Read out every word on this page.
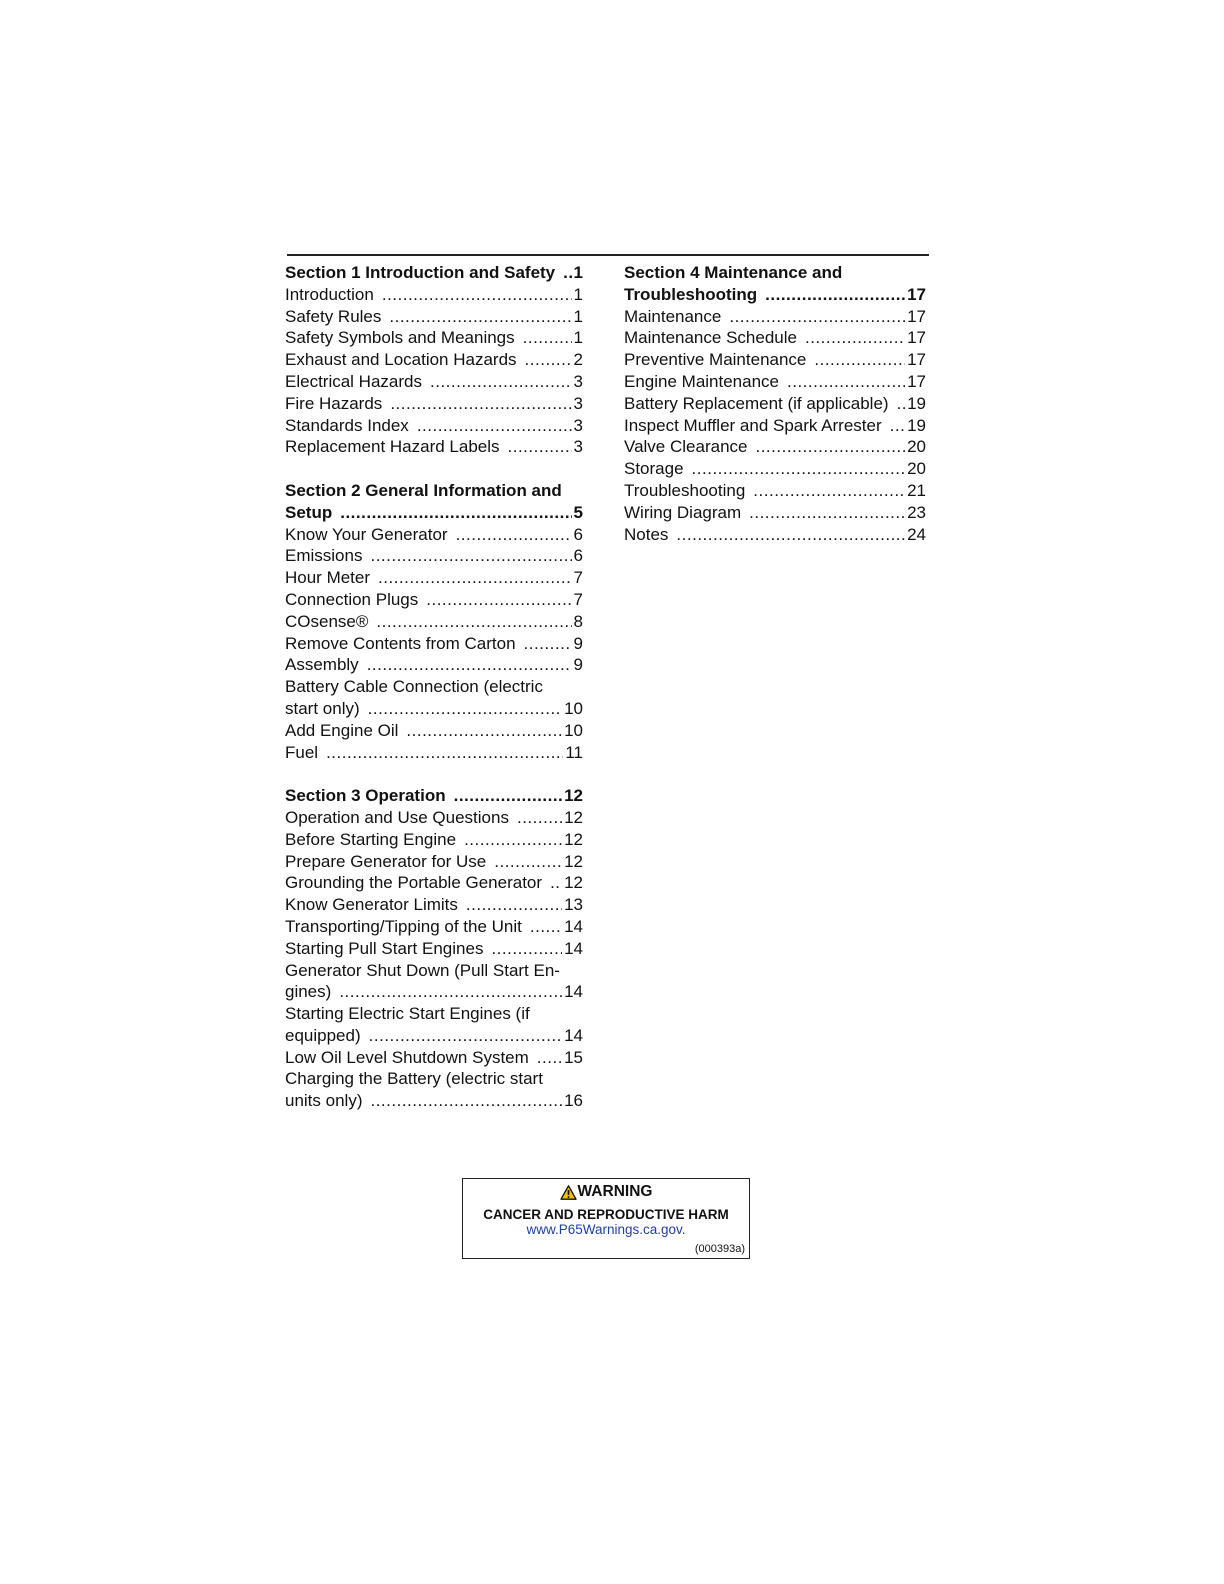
Section 1 Introduction and Safety ..... 1
Introduction .....	1
Safety Rules .....	1
Safety Symbols and Meanings .....	1
Exhaust and Location Hazards .....	2
Electrical Hazards .....	3
Fire Hazards .....	3
Standards Index .....	3
Replacement Hazard Labels .....	3
Section 2 General Information and
Setup .....	5
Know Your Generator .....	6
Emissions .....	6
Hour Meter .....	7
Connection Plugs .....	7
COsense® .....	8
Remove Contents from Carton .....	9
Assembly .....	9
Battery Cable Connection (electric
start only) .....	10
Add Engine Oil .....	10
Fuel .....	11
Section 3 Operation .....	12
Operation and Use Questions .....	12
Before Starting Engine .....	12
Prepare Generator for Use .....	12
Grounding the Portable Generator ..... 12
Know Generator Limits .....	13
Transporting/Tipping of the Unit ..... 14
Starting Pull Start Engines .....	14
Generator Shut Down (Pull Start En-
gines) .....	14
Starting Electric Start Engines (if
equipped) .....	14
Low Oil Level Shutdown System ..... 15
Charging the Battery (electric start
units only) .....	16
Section 4 Maintenance and
Troubleshooting .....	17
Maintenance .....	17
Maintenance Schedule .....	17
Preventive Maintenance .....	17
Engine Maintenance .....	17
Battery Replacement (if applicable) ..... 19
Inspect Muffler and Spark Arrester ..... 19
Valve Clearance .....	20
Storage .....	20
Troubleshooting .....	21
Wiring Diagram .....	23
Notes .....	24
WARNING
CANCER AND REPRODUCTIVE HARM
www.P65Warnings.ca.gov.
(000393a)
